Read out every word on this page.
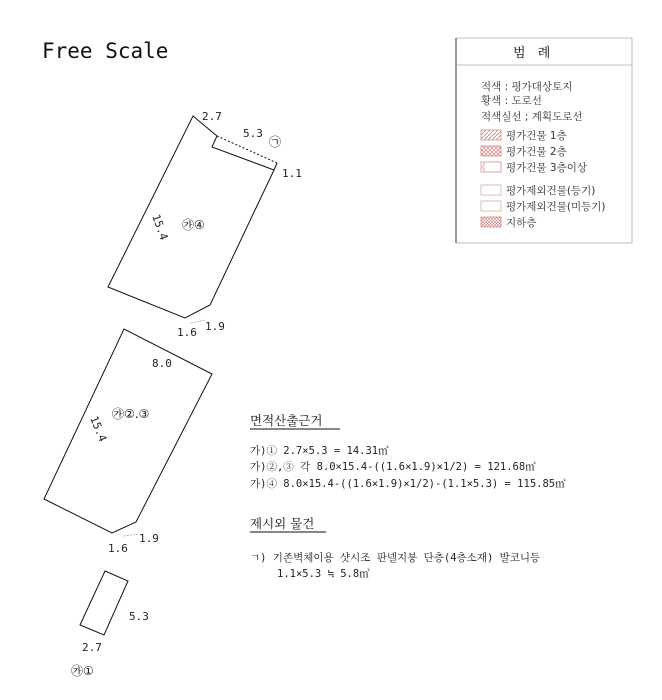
Free Scale
2.7
5.3
㉠
1.1
15.4
1.6 1.9
㉮④
8.0
15.4
1.6
1.9
㉮②.③
5.3
2.7
㉮①
범 례
적색 : 평가대상토지
황색 : 도로선
적색실선 ; 계획도로선
평가건물 1층
평가건물 2층
평가건물 3층이상
평가제외건물(등기)
평가제외건물(미등기)
지하층
면적산출근거
가)① 2.7×5.3 = 14.31㎡
가)②,③ 각 8.0×15.4-((1.6×1.9)×1/2) = 121.68㎡
가)④ 8.0×15.4-((1.6×1.9)×1/2)-(1.1×5.3) = 115.85㎡
제시외 물건
ㄱ) 기존벽체이용 샷시조 판넬지붕 단층(4층소재) 발코니등
1.1×5.3 ≒ 5.8㎡
